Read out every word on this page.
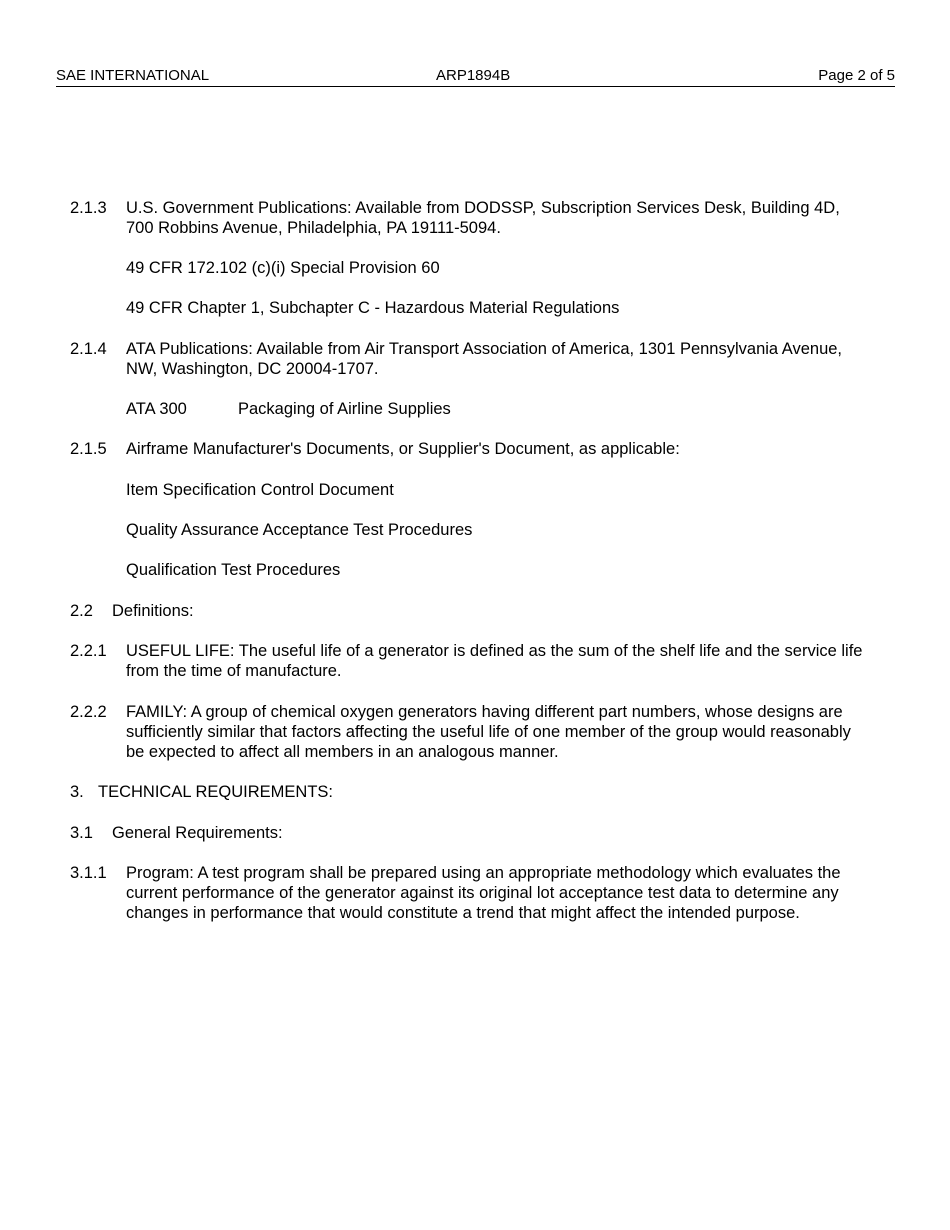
SAE INTERNATIONAL	ARP1894B	Page 2 of 5
2.1.3 U.S. Government Publications: Available from DODSSP, Subscription Services Desk, Building 4D, 700 Robbins Avenue, Philadelphia, PA 19111-5094.
49 CFR 172.102 (c)(i) Special Provision 60
49 CFR Chapter 1, Subchapter C - Hazardous Material Regulations
2.1.4 ATA Publications: Available from Air Transport Association of America, 1301 Pennsylvania Avenue, NW, Washington, DC 20004-1707.
ATA 300	Packaging of Airline Supplies
2.1.5 Airframe Manufacturer's Documents, or Supplier's Document, as applicable:
Item Specification Control Document
Quality Assurance Acceptance Test Procedures
Qualification Test Procedures
2.2 Definitions:
2.2.1 USEFUL LIFE: The useful life of a generator is defined as the sum of the shelf life and the service life from the time of manufacture.
2.2.2 FAMILY: A group of chemical oxygen generators having different part numbers, whose designs are sufficiently similar that factors affecting the useful life of one member of the group would reasonably be expected to affect all members in an analogous manner.
3. TECHNICAL REQUIREMENTS:
3.1 General Requirements:
3.1.1 Program: A test program shall be prepared using an appropriate methodology which evaluates the current performance of the generator against its original lot acceptance test data to determine any changes in performance that would constitute a trend that might affect the intended purpose.
